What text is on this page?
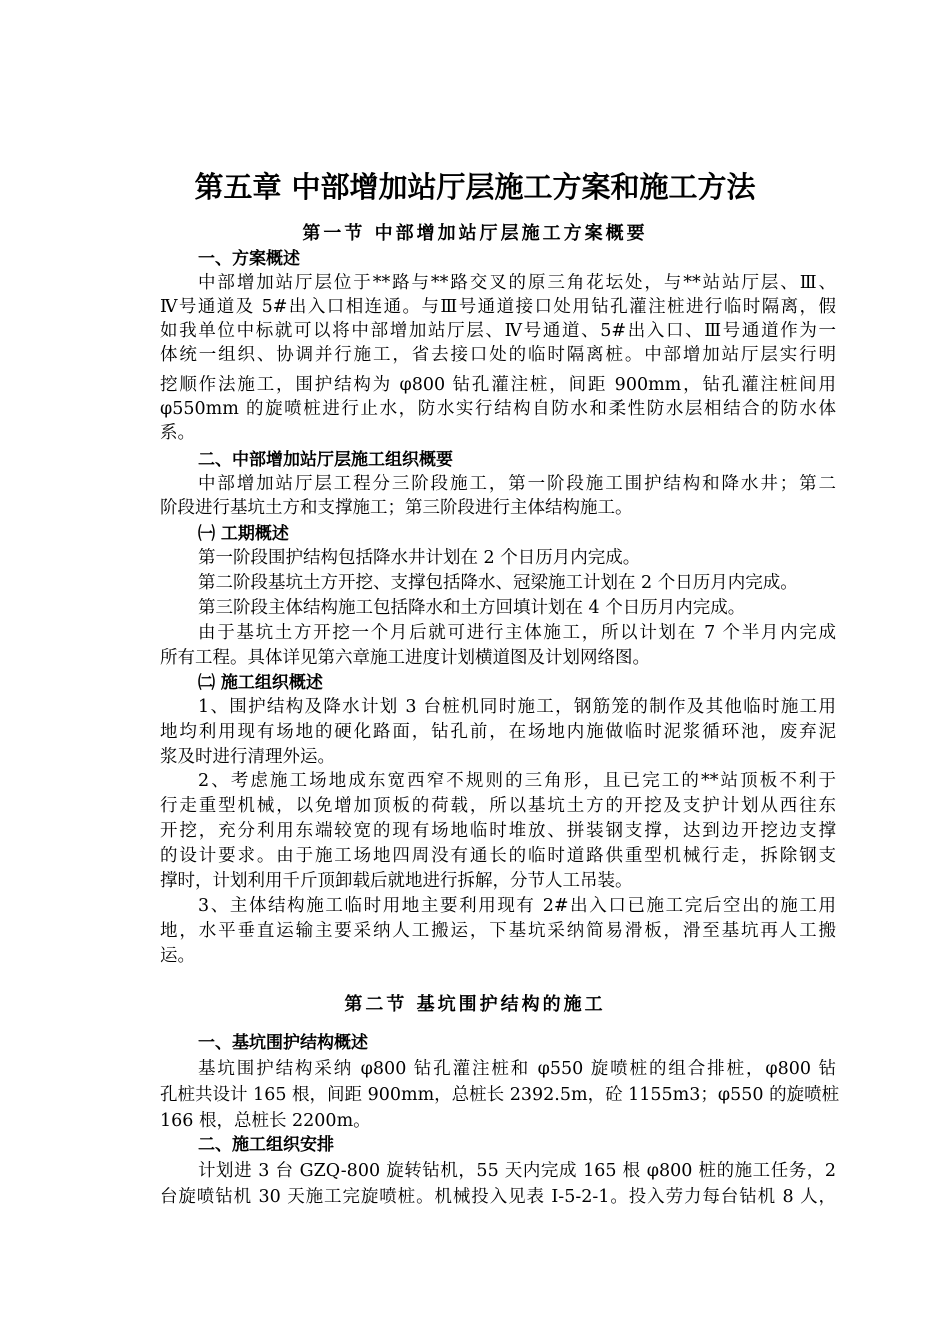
第五章 中部增加站厅层施工方案和施工方法
第一节 中部增加站厅层施工方案概要
一、方案概述
中部增加站厅层位于**路与**路交叉的原三角花坛处，与**站站厅层、Ⅲ、
Ⅳ号通道及 5#出入口相连通。与Ⅲ号通道接口处用钻孔灌注桩进行临时隔离，假
如我单位中标就可以将中部增加站厅层、Ⅳ号通道、5#出入口、Ⅲ号通道作为一
体统一组织、协调并行施工，省去接口处的临时隔离桩。中部增加站厅层实行明
挖顺作法施工，围护结构为 φ800 钻孔灌注桩，间距 900mm，钻孔灌注桩间用
φ550mm 的旋喷桩进行止水，防水实行结构自防水和柔性防水层相结合的防水体
系。
二、中部增加站厅层施工组织概要
中部增加站厅层工程分三阶段施工，第一阶段施工围护结构和降水井；第二
阶段进行基坑土方和支撑施工；第三阶段进行主体结构施工。
㈠ 工期概述
第一阶段围护结构包括降水井计划在 2 个日历月内完成。
第二阶段基坑土方开挖、支撑包括降水、冠梁施工计划在 2 个日历月内完成。
第三阶段主体结构施工包括降水和土方回填计划在 4 个日历月内完成。
由于基坑土方开挖一个月后就可进行主体施工，所以计划在 7 个半月内完成
所有工程。具体详见第六章施工进度计划横道图及计划网络图。
㈡ 施工组织概述
1、围护结构及降水计划 3 台桩机同时施工，钢筋笼的制作及其他临时施工用
地均利用现有场地的硬化路面，钻孔前，在场地内施做临时泥浆循环池，废弃泥
浆及时进行清理外运。
2、考虑施工场地成东宽西窄不规则的三角形，且已完工的**站顶板不利于
行走重型机械，以免增加顶板的荷载，所以基坑土方的开挖及支护计划从西往东
开挖，充分利用东端较宽的现有场地临时堆放、拼装钢支撑，达到边开挖边支撑
的设计要求。由于施工场地四周没有通长的临时道路供重型机械行走，拆除钢支
撑时，计划利用千斤顶卸载后就地进行拆解，分节人工吊装。
3、主体结构施工临时用地主要利用现有 2#出入口已施工完后空出的施工用
地，水平垂直运输主要采纳人工搬运，下基坑采纳简易滑板，滑至基坑再人工搬
运。
第二节 基坑围护结构的施工
一、基坑围护结构概述
基坑围护结构采纳 φ800 钻孔灌注桩和 φ550 旋喷桩的组合排桩，φ800 钻
孔桩共设计 165 根，间距 900mm，总桩长 2392.5m，砼 1155m3；φ550 的旋喷桩
166 根，总桩长 2200m。
二、施工组织安排
计划进 3 台 GZQ-800 旋转钻机，55 天内完成 165 根 φ800 桩的施工任务，2
台旋喷钻机 30 天施工完旋喷桩。机械投入见表 I-5-2-1。投入劳力每台钻机 8 人，
